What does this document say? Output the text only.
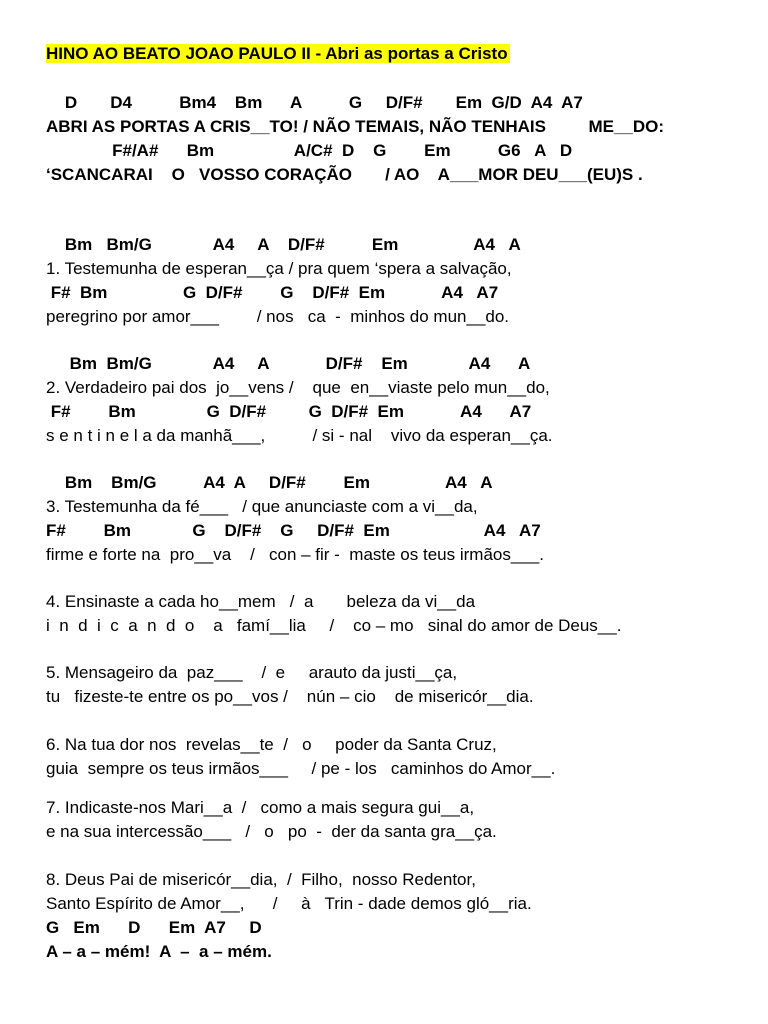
HINO AO BEATO JOAO PAULO II - Abri as portas a Cristo
D       D4          Bm4    Bm      A          G     D/F#       Em  G/D  A4  A7
ABRI AS PORTAS A CRIS__TO! / NÃO TEMAIS, NÃO TENHAIS         ME__DO:
F#/A#      Bm                 A/C#  D    G        Em          G6   A   D
‘SCANCARAI    O   VOSSO CORAÇÃO       / AO    A___MOR DEU___(EU)S .
Bm   Bm/G             A4     A    D/F#          Em                A4   A
1. Testemunha de esperan__ça / pra quem ‘spera a salvação,
F#  Bm                G  D/F#        G    D/F#  Em            A4   A7
peregrino por amor___        / nos   ca  -  minhos do mun__do.
Bm  Bm/G             A4     A            D/F#    Em             A4      A
2. Verdadeiro pai dos  jo__vens /    que  en__viaste pelo mun__do,
F#        Bm               G  D/F#         G  D/F#  Em            A4      A7
s e n t i n e l a da manhã___,          / si - nal    vivo da esperan__ça.
Bm    Bm/G          A4  A     D/F#        Em                A4   A
3. Testemunha da fé___   / que anunciaste com a vi__da,
F#        Bm             G    D/F#    G     D/F#  Em                    A4   A7
firme e forte na  pro__va    /   con – fir -  maste os teus irmãos___.
4. Ensinaste a cada ho__mem   /  a       beleza da vi__da
i  n  d  i  c  a  n  d  o    a   famí__lia     /    co – mo   sinal do amor de Deus__.
5. Mensageiro da  paz___    /  e     arauto da justi__ça,
tu   fizeste-te entre os po__vos /    nún – cio    de misericór__dia.
6. Na tua dor nos  revelas__te  /   o     poder da Santa Cruz,
guia  sempre os teus irmãos___     / pe - los   caminhos do Amor__.
7. Indicaste-nos Mari__a  /   como a mais segura gui__a,
e na sua intercessão___   /   o   po  -  der da santa gra__ça.
8. Deus Pai de misericór__dia,  /  Filho,  nosso Redentor,
Santo Espírito de Amor__,      /     à   Trin - dade demos gló__ria.
G   Em      D      Em  A7     D
A – a – mém!  A  –  a – mém.
